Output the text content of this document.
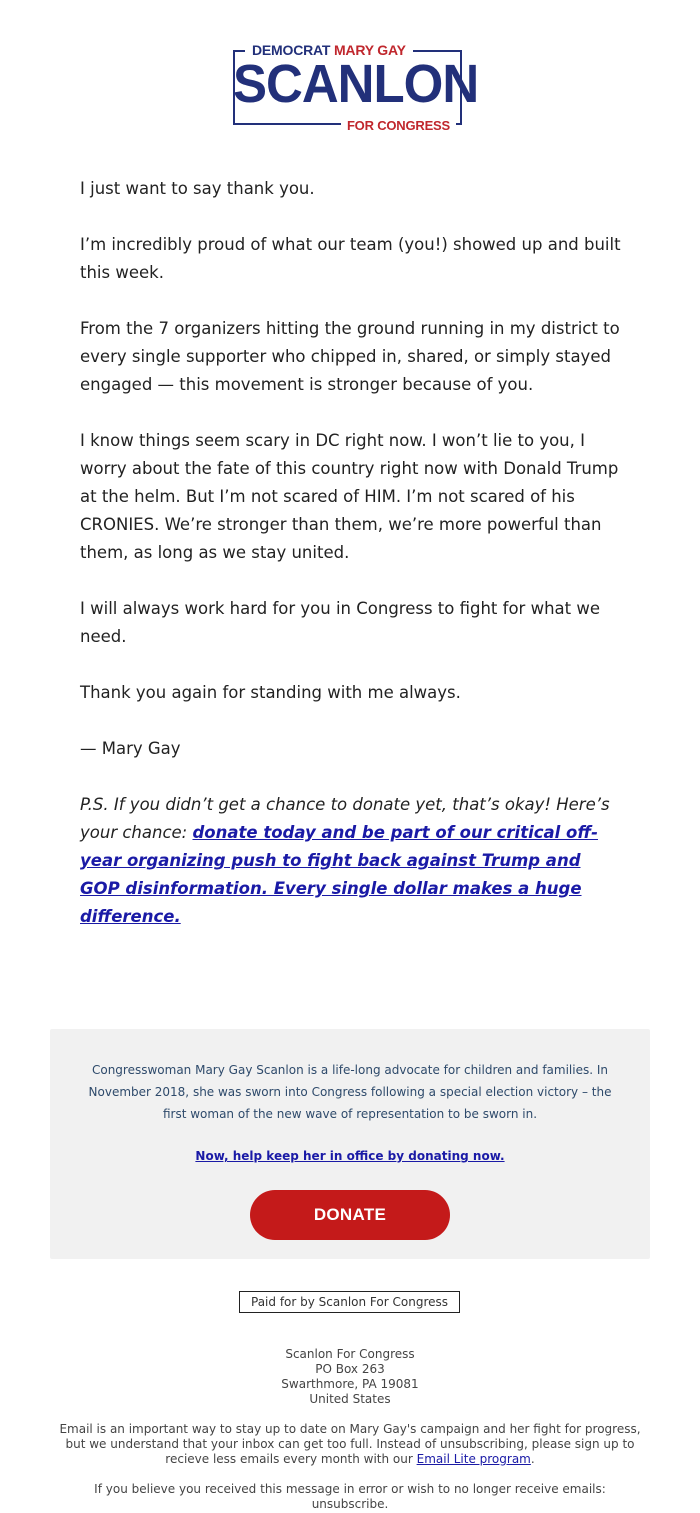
DEMOCRAT MARY GAY
SCANLON
FOR CONGRESS

I just want to say thank you.

I’m incredibly proud of what our team (you!) showed up and built this week.

From the 7 organizers hitting the ground running in my district to every single supporter who chipped in, shared, or simply stayed engaged — this movement is stronger because of you.

I know things seem scary in DC right now. I won’t lie to you, I worry about the fate of this country right now with Donald Trump at the helm. But I’m not scared of HIM. I’m not scared of his CRONIES. We’re stronger than them, we’re more powerful than them, as long as we stay united.

I will always work hard for you in Congress to fight for what we need.

Thank you again for standing with me always.

— Mary Gay

P.S. If you didn’t get a chance to donate yet, that’s okay! Here’s your chance: donate today and be part of our critical off-year organizing push to fight back against Trump and GOP disinformation. Every single dollar makes a huge difference.

Congresswoman Mary Gay Scanlon is a life-long advocate for children and families. In November 2018, she was sworn into Congress following a special election victory – the first woman of the new wave of representation to be sworn in.
Now, help keep her in office by donating now.
DONATE
Paid for by Scanlon For Congress
Scanlon For Congress
PO Box 263
Swarthmore, PA 19081
United States
Email is an important way to stay up to date on Mary Gay's campaign and her fight for progress, but we understand that your inbox can get too full. Instead of unsubscribing, please sign up to recieve less emails every month with our Email Lite program.
If you believe you received this message in error or wish to no longer receive emails:
unsubscribe.
